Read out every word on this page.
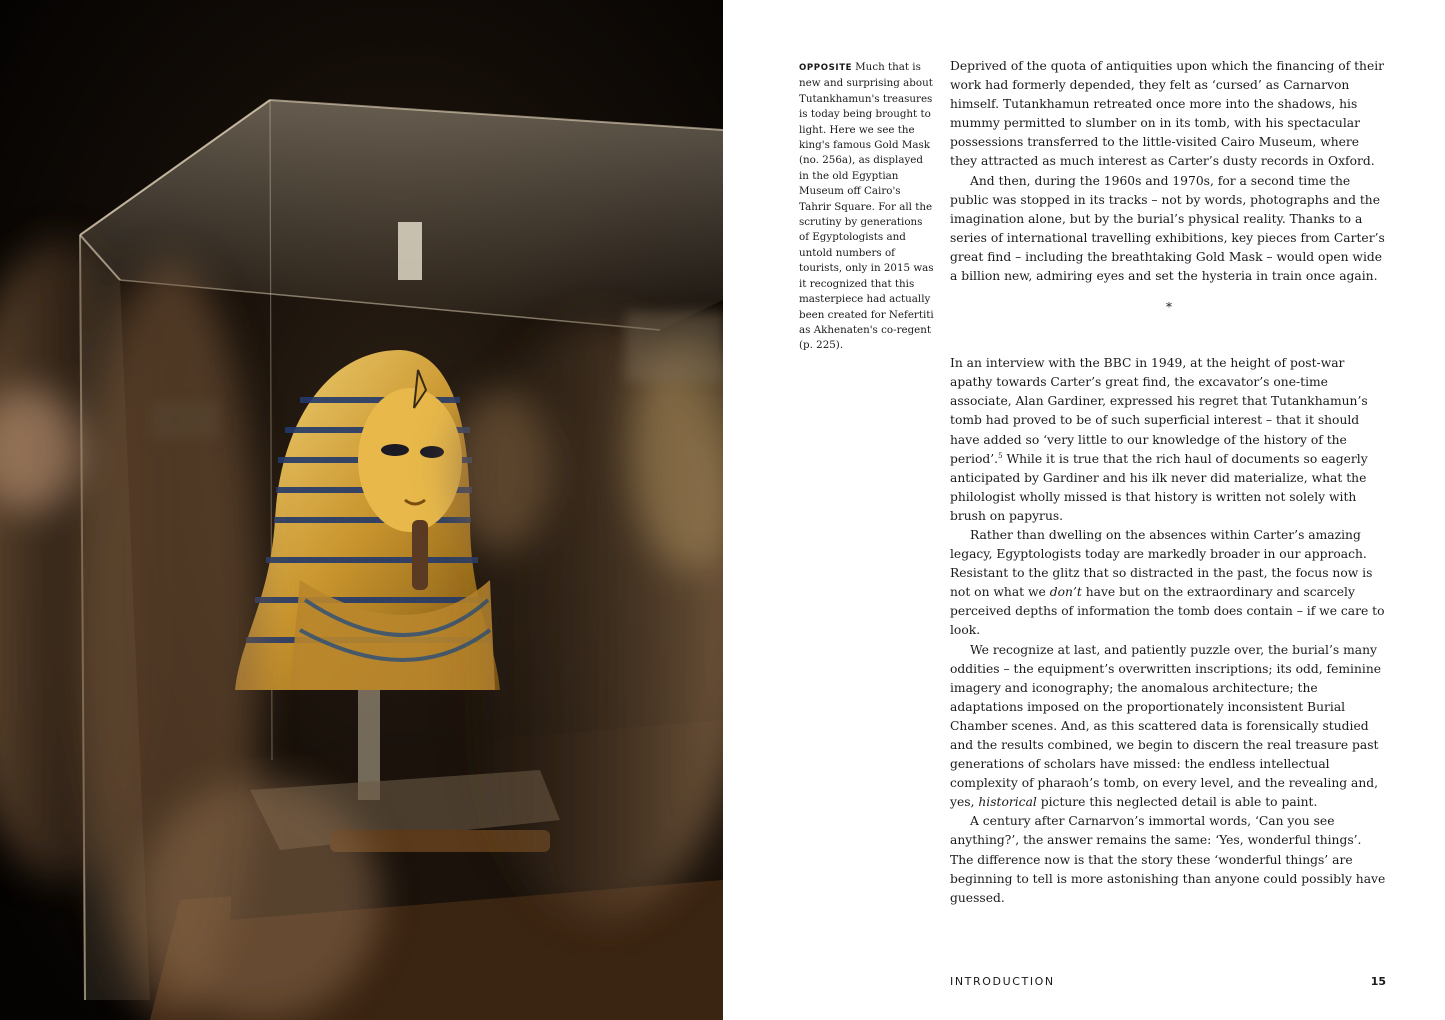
OPPOSITE Much that is new and surprising about Tutankhamun's treasures is today being brought to light. Here we see the king's famous Gold Mask (no. 256a), as displayed in the old Egyptian Museum off Cairo's Tahrir Square. For all the scrutiny by generations of Egyptologists and untold numbers of tourists, only in 2015 was it recognized that this masterpiece had actually been created for Nefertiti as Akhenaten's co-regent (p. 225).

Deprived of the quota of antiquities upon which the financing of their work had formerly depended, they felt as ‘cursed’ as Carnarvon himself. Tutankhamun retreated once more into the shadows, his mummy permitted to slumber on in its tomb, with his spectacular possessions transferred to the little-visited Cairo Museum, where they attracted as much interest as Carter’s dusty records in Oxford.

And then, during the 1960s and 1970s, for a second time the public was stopped in its tracks – not by words, photographs and the imagination alone, but by the burial’s physical reality. Thanks to a series of international travelling exhibitions, key pieces from Carter’s great find – including the breathtaking Gold Mask – would open wide a billion new, admiring eyes and set the hysteria in train once again.

*

In an interview with the BBC in 1949, at the height of post-war apathy towards Carter’s great find, the excavator’s one-time associate, Alan Gardiner, expressed his regret that Tutankhamun’s tomb had proved to be of such superficial interest – that it should have added so ‘very little to our knowledge of the history of the period’.$^5$ While it is true that the rich haul of documents so eagerly anticipated by Gardiner and his ilk never did materialize, what the philologist wholly missed is that history is written not solely with brush on papyrus.

Rather than dwelling on the absences within Carter’s amazing legacy, Egyptologists today are markedly broader in our approach. Resistant to the glitz that so distracted in the past, the focus now is not on what we don’t have but on the extraordinary and scarcely perceived depths of information the tomb does contain – if we care to look.

We recognize at last, and patiently puzzle over, the burial’s many oddities – the equipment’s overwritten inscriptions; its odd, feminine imagery and iconography; the anomalous architecture; the adaptations imposed on the proportionately inconsistent Burial Chamber scenes. And, as this scattered data is forensically studied and the results combined, we begin to discern the real treasure past generations of scholars have missed: the endless intellectual complexity of pharaoh’s tomb, on every level, and the revealing and, yes, historical picture this neglected detail is able to paint.

A century after Carnarvon’s immortal words, ‘Can you see anything?’, the answer remains the same: ‘Yes, wonderful things’. The difference now is that the story these ‘wonderful things’ are beginning to tell is more astonishing than anyone could possibly have guessed.

INTRODUCTION	15
